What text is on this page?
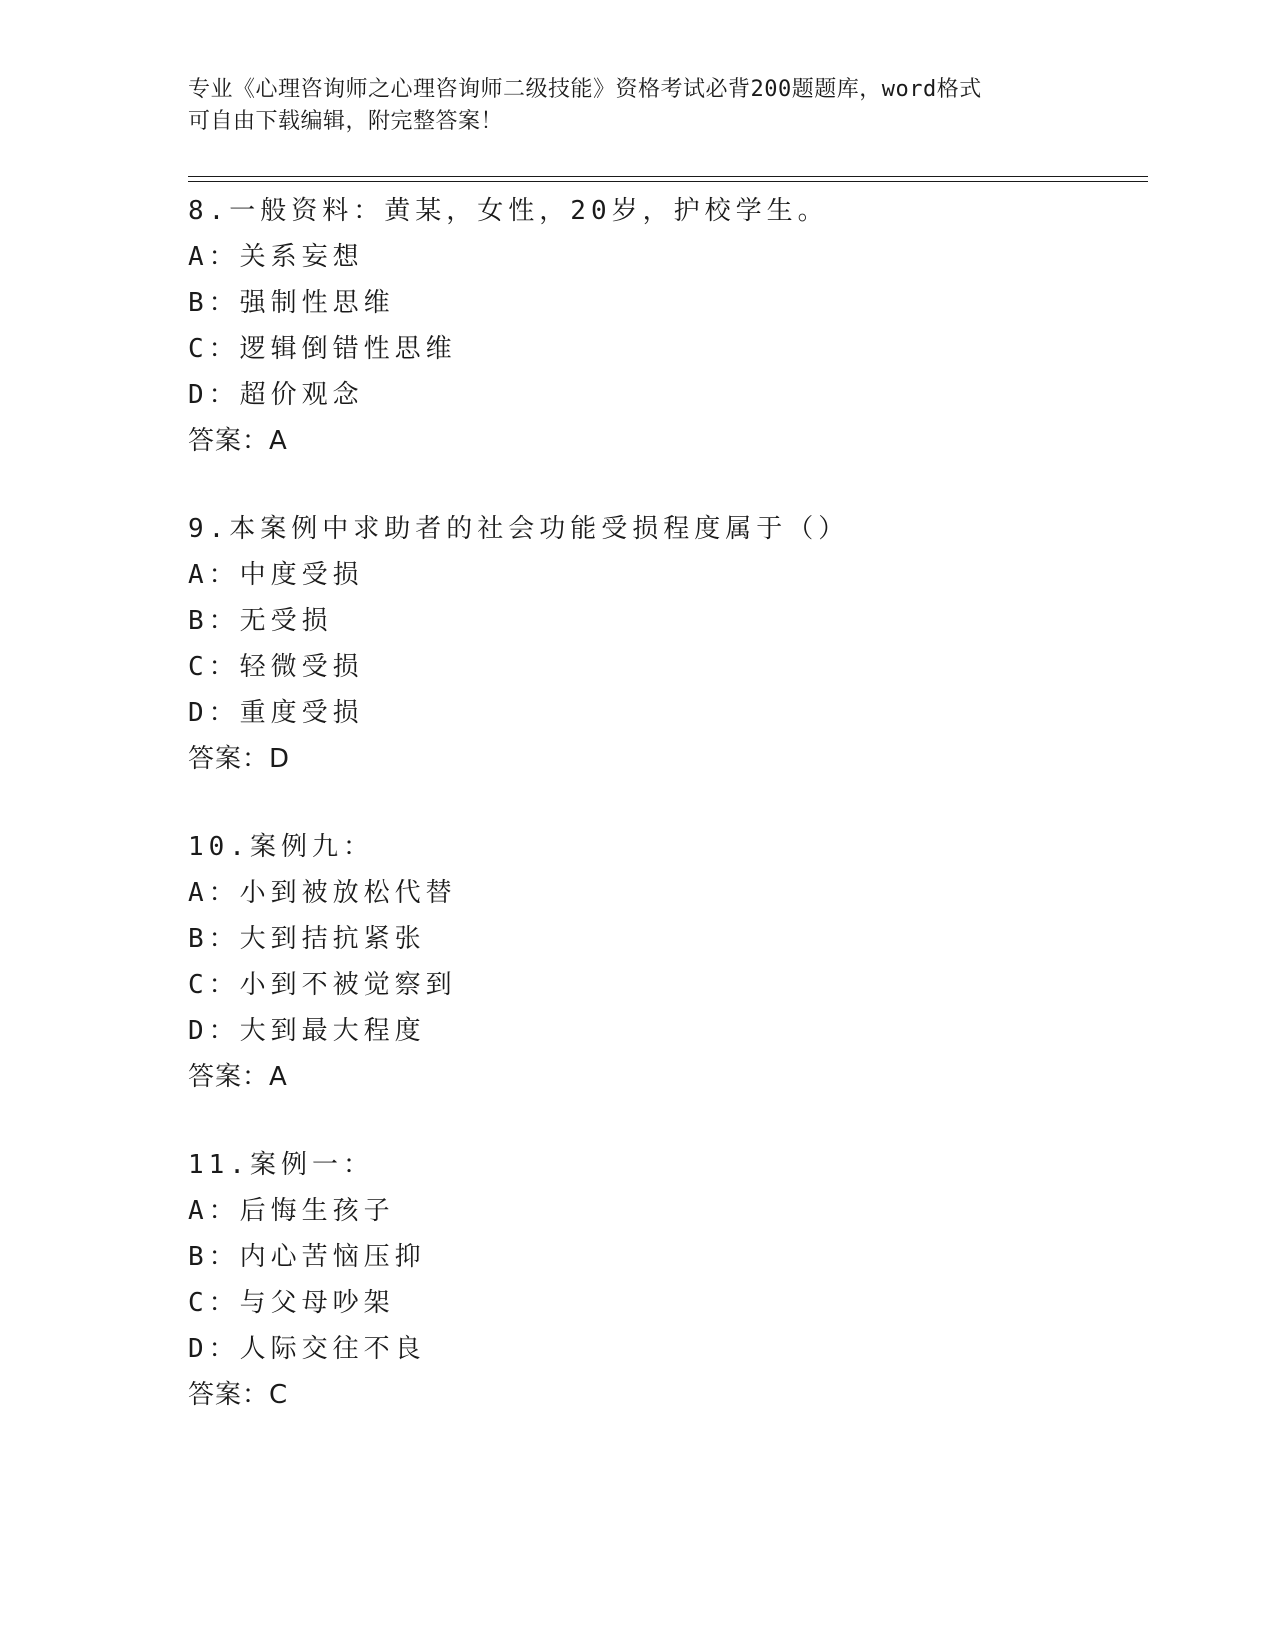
专业《心理咨询师之心理咨询师二级技能》资格考试必背200题题库，word格式
可自由下载编辑，附完整答案！
8.一般资料：黄某，女性，20岁，护校学生。
A：关系妄想
B：强制性思维
C：逻辑倒错性思维
D：超价观念
答案：A
9.本案例中求助者的社会功能受损程度属于（）
A：中度受损
B：无受损
C：轻微受损
D：重度受损
答案：D
10.案例九：
A：小到被放松代替
B：大到拮抗紧张
C：小到不被觉察到
D：大到最大程度
答案：A
11.案例一：
A：后悔生孩子
B：内心苦恼压抑
C：与父母吵架
D：人际交往不良
答案：C
